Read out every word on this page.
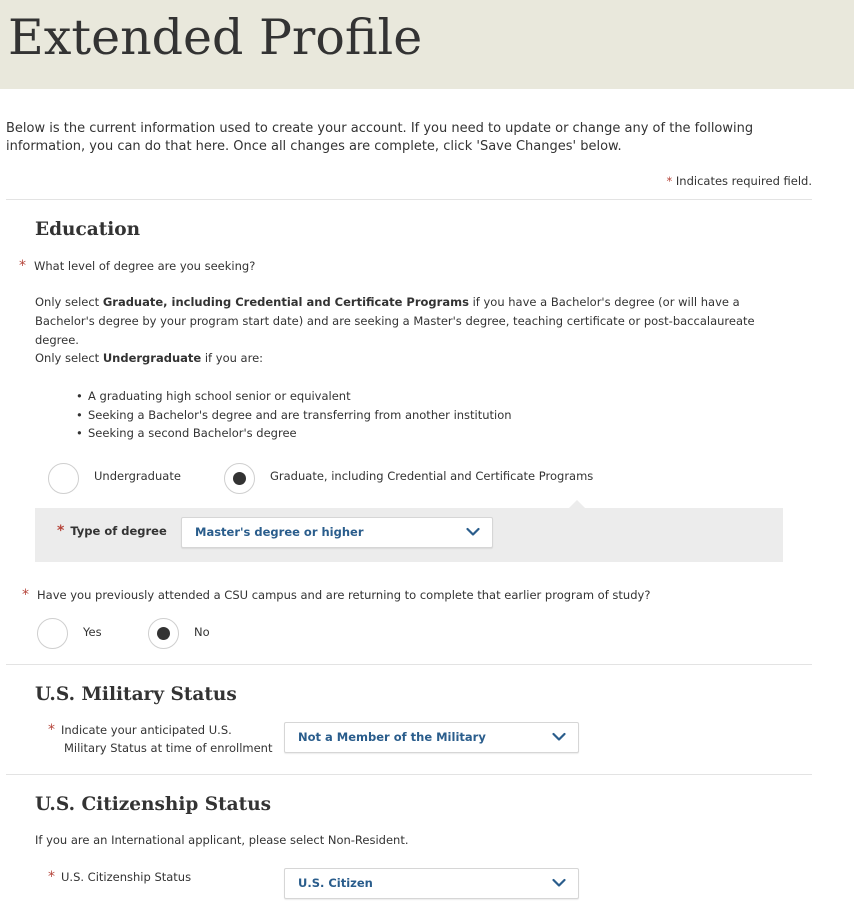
Extended Profile
Below is the current information used to create your account. If you need to update or change any of the following information, you can do that here. Once all changes are complete, click 'Save Changes' below.
* Indicates required field.
Education
* What level of degree are you seeking?
Only select Graduate, including Credential and Certificate Programs if you have a Bachelor's degree (or will have a Bachelor's degree by your program start date) and are seeking a Master's degree, teaching certificate or post-baccalaureate degree.
Only select Undergraduate if you are:
• A graduating high school senior or equivalent
• Seeking a Bachelor's degree and are transferring from another institution
• Seeking a second Bachelor's degree
Undergraduate	Graduate, including Credential and Certificate Programs
* Type of degree Master's degree or higher
* Have you previously attended a CSU campus and are returning to complete that earlier program of study?
Yes	No
U.S. Military Status
* Indicate your anticipated U.S.
Military Status at time of enrollment
Not a Member of the Military
U.S. Citizenship Status
If you are an International applicant, please select Non-Resident.
* U.S. Citizenship Status	U.S. Citizen
